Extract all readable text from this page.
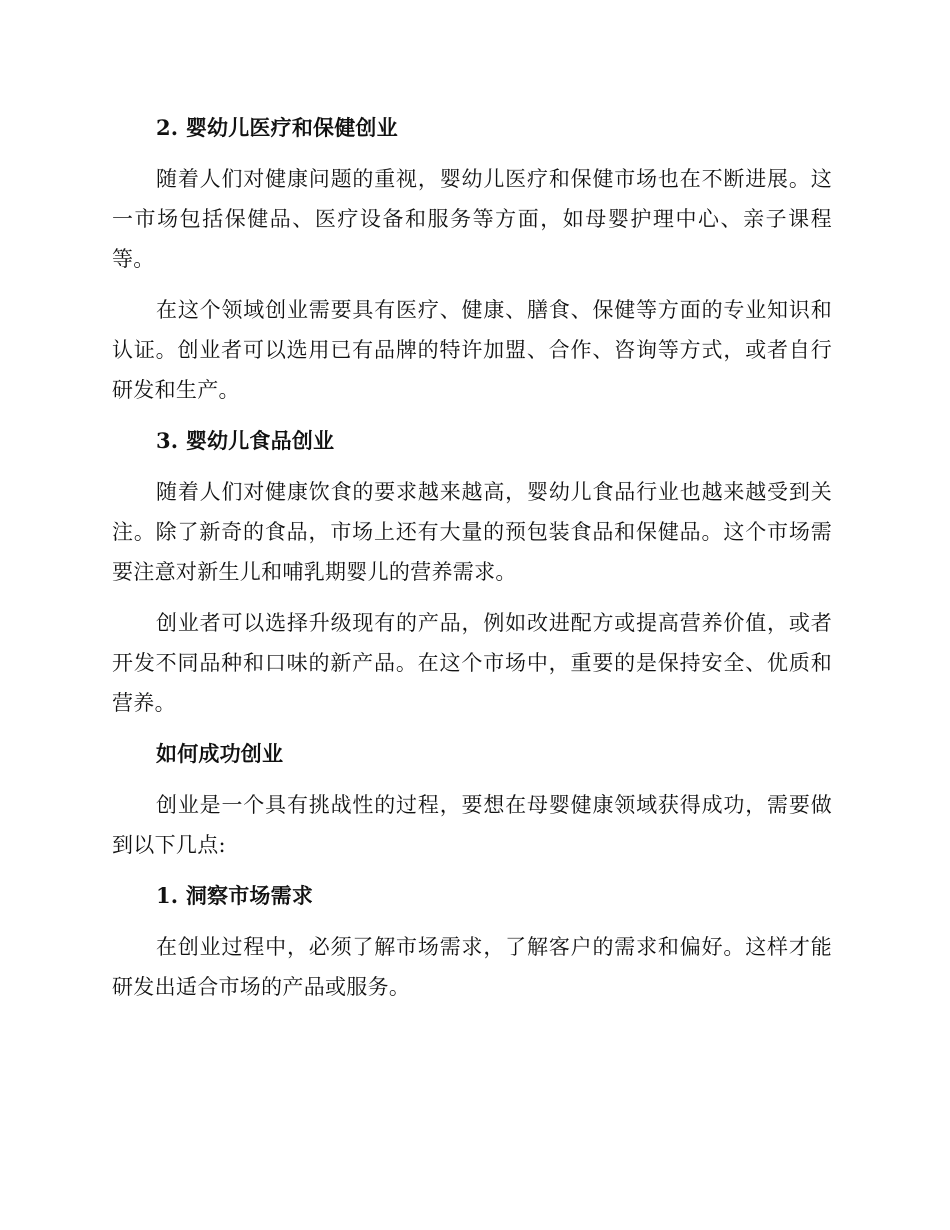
2. 婴幼儿医疗和保健创业

随着人们对健康问题的重视，婴幼儿医疗和保健市场也在不断进展。这一市场包括保健品、医疗设备和服务等方面，如母婴护理中心、亲子课程等。

在这个领域创业需要具有医疗、健康、膳食、保健等方面的专业知识和认证。创业者可以选用已有品牌的特许加盟、合作、咨询等方式，或者自行研发和生产。

3. 婴幼儿食品创业

随着人们对健康饮食的要求越来越高，婴幼儿食品行业也越来越受到关注。除了新奇的食品，市场上还有大量的预包装食品和保健品。这个市场需要注意对新生儿和哺乳期婴儿的营养需求。

创业者可以选择升级现有的产品，例如改进配方或提高营养价值，或者开发不同品种和口味的新产品。在这个市场中，重要的是保持安全、优质和营养。

如何成功创业

创业是一个具有挑战性的过程，要想在母婴健康领域获得成功，需要做到以下几点:

1. 洞察市场需求

在创业过程中，必须了解市场需求，了解客户的需求和偏好。这样才能研发出适合市场的产品或服务。
